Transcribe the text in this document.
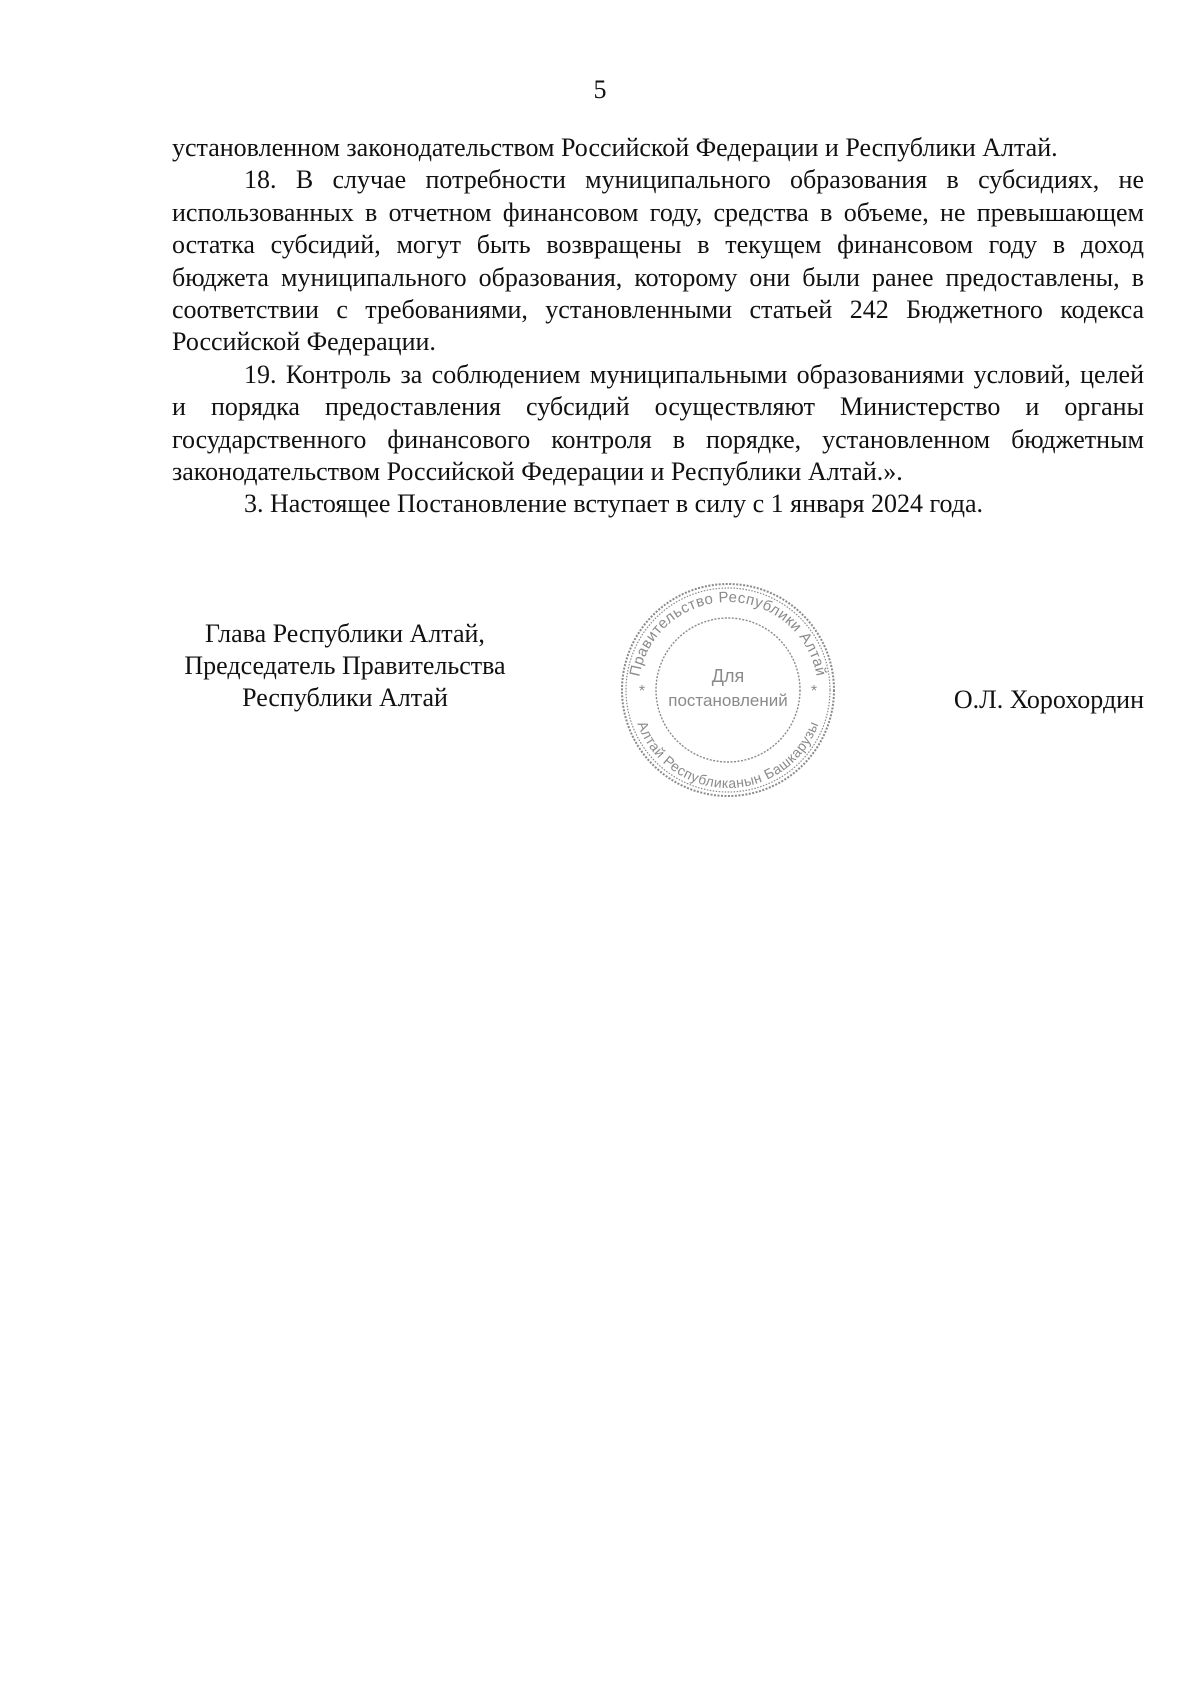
5

установленном законодательством Российской Федерации и Республики Алтай.

18. В случае потребности муниципального образования в субсидиях, не использованных в отчетном финансовом году, средства в объеме, не превышающем остатка субсидий, могут быть возвращены в текущем финансовом году в доход бюджета муниципального образования, которому они были ранее предоставлены, в соответствии с требованиями, установленными статьей 242 Бюджетного кодекса Российской Федерации.

19. Контроль за соблюдением муниципальными образованиями условий, целей и порядка предоставления субсидий осуществляют Министерство и органы государственного финансового контроля в порядке, установленном бюджетным законодательством Российской Федерации и Республики Алтай.».

3. Настоящее Постановление вступает в силу с 1 января 2024 года.

Глава Республики Алтай,
Председатель Правительства
Республики Алтай
Правительство Республики Алтай
Алтай Республиканын Башкарузы
*	*
Для
постановлений	О.Л. Хорохордин
